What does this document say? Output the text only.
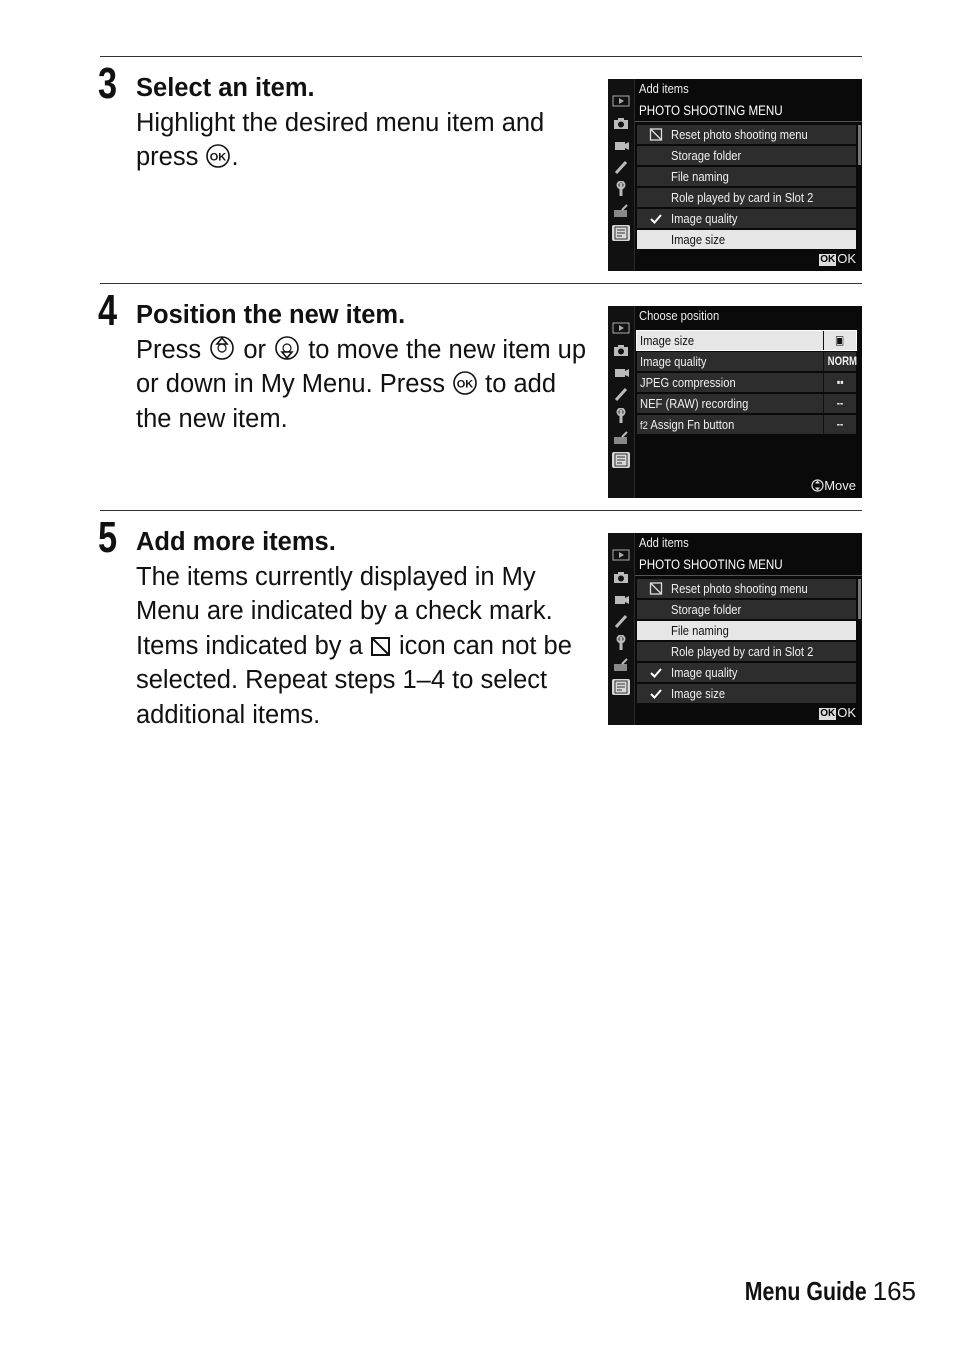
3 Select an item.
Highlight the desired menu item and press OK .
Add items
PHOTO SHOOTING MENU
Reset photo shooting menu
Storage folder
File naming
Role played by card in Slot 2
Image quality
Image size
OK OK
4 Position the new item.
Press  or  to move the new item up or down in My Menu. Press OK to add the new item.
Choose position
Image size	▣
Image quality	NORM
JPEG compression	▪▪
NEF (RAW) recording	--
f2 Assign Fn button	--
Move
5 Add more items.
The items currently displayed in My Menu are indicated by a check mark. Items indicated by a  icon can not be selected. Repeat steps 1–4 to select additional items.
Add items
PHOTO SHOOTING MENU
Reset photo shooting menu
Storage folder
File naming
Role played by card in Slot 2
Image quality
Image size
OK OK
Menu Guide 165
